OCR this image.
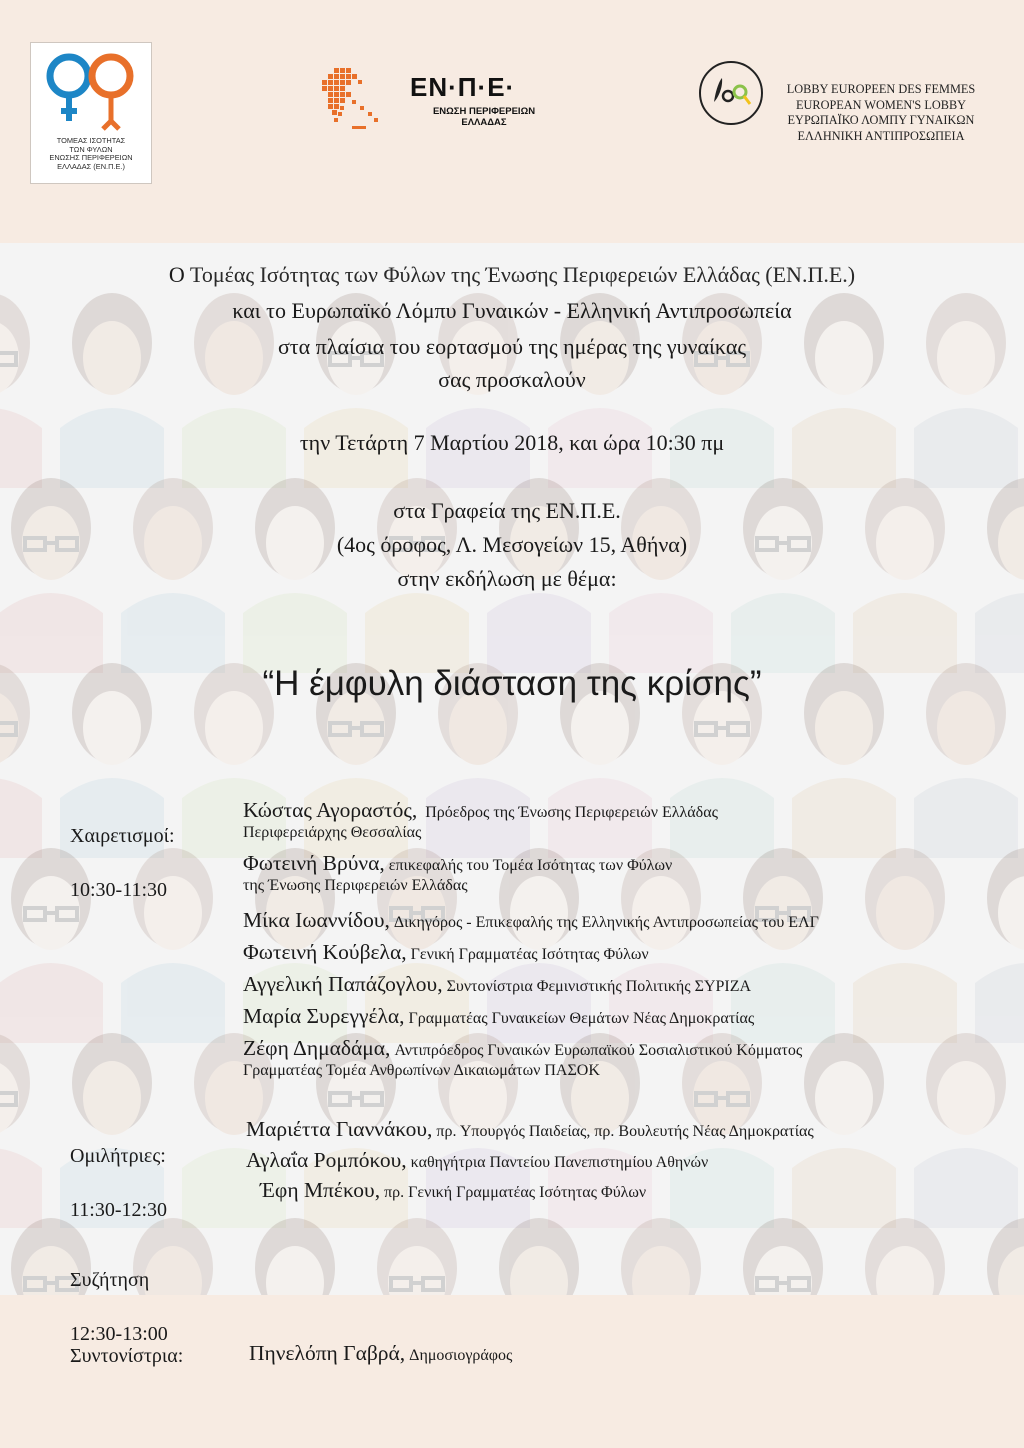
ΤΟΜΕΑΣ ΙΣΟΤΗΤΑΣ
ΤΩΝ ΦΥΛΩΝ
ΕΝΩΣΗΣ ΠΕΡΙΦΕΡΕΙΩΝ
ΕΛΛΑΔΑΣ (ΕΝ.Π.Ε.)
ΕΝ·Π·Ε·
ΕΝΩΣΗ ΠΕΡΙΦΕΡΕΙΩΝ
ΕΛΛΑΔΑΣ
LOBBY EUROPEEN DES FEMMES
EUROPEAN WOMEN'S LOBBY
ΕΥΡΩΠΑΪΚΟ ΛΟΜΠΥ ΓΥΝΑΙΚΩΝ
ΕΛΛΗΝΙΚΗ ΑΝΤΙΠΡΟΣΩΠΕΙΑ
Ο Τομέας Ισότητας των Φύλων της Ένωσης Περιφερειών Ελλάδας (ΕΝ.Π.Ε.)
και το Ευρωπαϊκό Λόμπυ Γυναικών - Ελληνική Αντιπροσωπεία
στα πλαίσια του εορτασμού της ημέρας της γυναίκας
σας προσκαλούν
την Τετάρτη 7 Μαρτίου 2018, και ώρα 10:30 πμ
στα Γραφεία της ΕΝ.Π.Ε.
(4ος όροφος, Λ. Μεσογείων 15, Αθήνα)
στην εκδήλωση με θέμα:
“Η έμφυλη διάσταση της κρίσης”

Χαιρετισμοί:

10:30-11:30

Κώστας Αγοραστός, Πρόεδρος της Ένωσης Περιφερειών Ελλάδας
Περιφερειάρχης Θεσσαλίας
Φωτεινή Βρύνα, επικεφαλής του Τομέα Ισότητας των Φύλων
της Ένωσης Περιφερειών Ελλάδας
Μίκα Ιωαννίδου, Δικηγόρος - Επικεφαλής της Ελληνικής Αντιπροσωπείας του ΕΛΓ
Φωτεινή Κούβελα, Γενική Γραμματέας Ισότητας Φύλων
Αγγελική Παπάζογλου, Συντονίστρια Φεμινιστικής Πολιτικής ΣΥΡΙΖΑ
Μαρία Συρεγγέλα, Γραμματέας Γυναικείων Θεμάτων Νέας Δημοκρατίας
Ζέφη Δημαδάμα, Αντιπρόεδρος Γυναικών Ευρωπαϊκού Σοσιαλιστικού Κόμματος
Γραμματέας Τομέα Ανθρωπίνων Δικαιωμάτων ΠΑΣΟΚ

Ομιλήτριες:

11:30-12:30

Μαριέττα Γιαννάκου, πρ. Υπουργός Παιδείας, πρ. Βουλευτής Νέας Δημοκρατίας
Αγλαΐα Ρομπόκου, καθηγήτρια Παντείου Πανεπιστημίου Αθηνών
Έφη Μπέκου, πρ. Γενική Γραμματέας Ισότητας Φύλων

Συζήτηση

12:30-13:00

Συντονίστρια:	Πηνελόπη Γαβρά, Δημοσιογράφος
